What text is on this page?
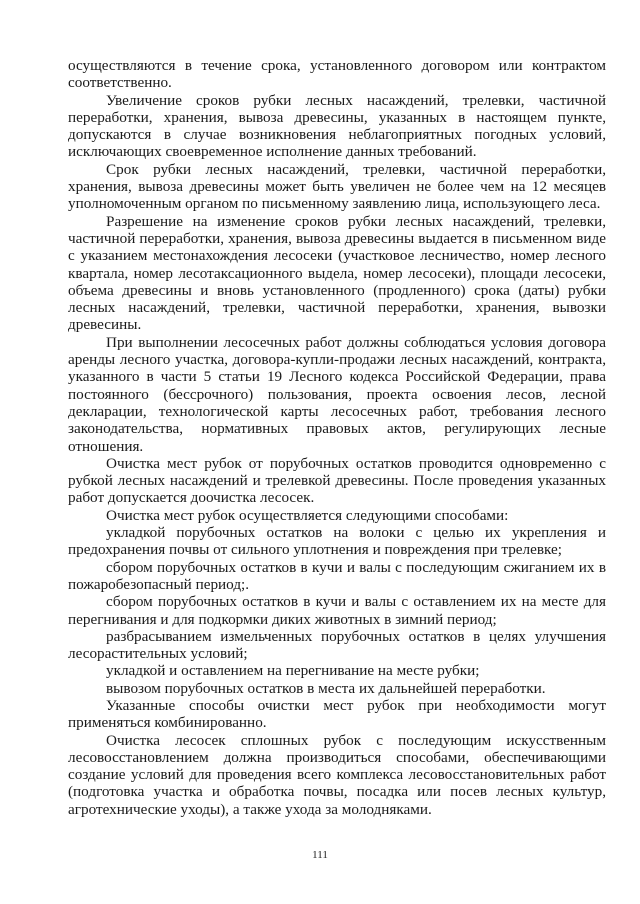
осуществляются в течение срока, установленного договором или контрактом соответственно.

Увеличение сроков рубки лесных насаждений, трелевки, частичной переработки, хранения, вывоза древесины, указанных в настоящем пункте, допускаются в случае возникновения неблагоприятных погодных условий, исключающих своевременное исполнение данных требований.

Срок рубки лесных насаждений, трелевки, частичной переработки, хранения, вывоза древесины может быть увеличен не более чем на 12 месяцев уполномоченным органом по письменному заявлению лица, использующего леса.

Разрешение на изменение сроков рубки лесных насаждений, трелевки, частичной переработки, хранения, вывоза древесины выдается в письменном виде с указанием местонахождения лесосеки (участковое лесничество, номер лесного квартала, номер лесотаксационного выдела, номер лесосеки), площади лесосеки, объема древесины и вновь установленного (продленного) срока (даты) рубки лесных насаждений, трелевки, частичной переработки, хранения, вывозки древесины.

При выполнении лесосечных работ должны соблюдаться условия договора аренды лесного участка, договора-купли-продажи лесных насаждений, контракта, указанного в части 5 статьи 19 Лесного кодекса Российской Федерации, права постоянного (бессрочного) пользования, проекта освоения лесов, лесной декларации, технологической карты лесосечных работ, требования лесного законодательства, нормативных правовых актов, регулирующих лесные отношения.

Очистка мест рубок от порубочных остатков проводится одновременно с рубкой лесных насаждений и трелевкой древесины. После проведения указанных работ допускается доочистка лесосек.

Очистка мест рубок осуществляется следующими способами:

укладкой порубочных остатков на волоки с целью их укрепления и предохранения почвы от сильного уплотнения и повреждения при трелевке;

сбором порубочных остатков в кучи и валы с последующим сжиганием их в пожаробезопасный период;.

сбором порубочных остатков в кучи и валы с оставлением их на месте для перегнивания и для подкормки диких животных в зимний период;

разбрасыванием измельченных порубочных остатков в целях улучшения лесорастительных условий;

укладкой и оставлением на перегнивание на месте рубки;

вывозом порубочных остатков в места их дальнейшей переработки.

Указанные способы очистки мест рубок при необходимости могут применяться комбинированно.

Очистка лесосек сплошных рубок с последующим искусственным лесовосстановлением должна производиться способами, обеспечивающими создание условий для проведения всего комплекса лесовосстановительных работ (подготовка участка и обработка почвы, посадка или посев лесных культур, агротехнические уходы), а также ухода за молодняками.

111
